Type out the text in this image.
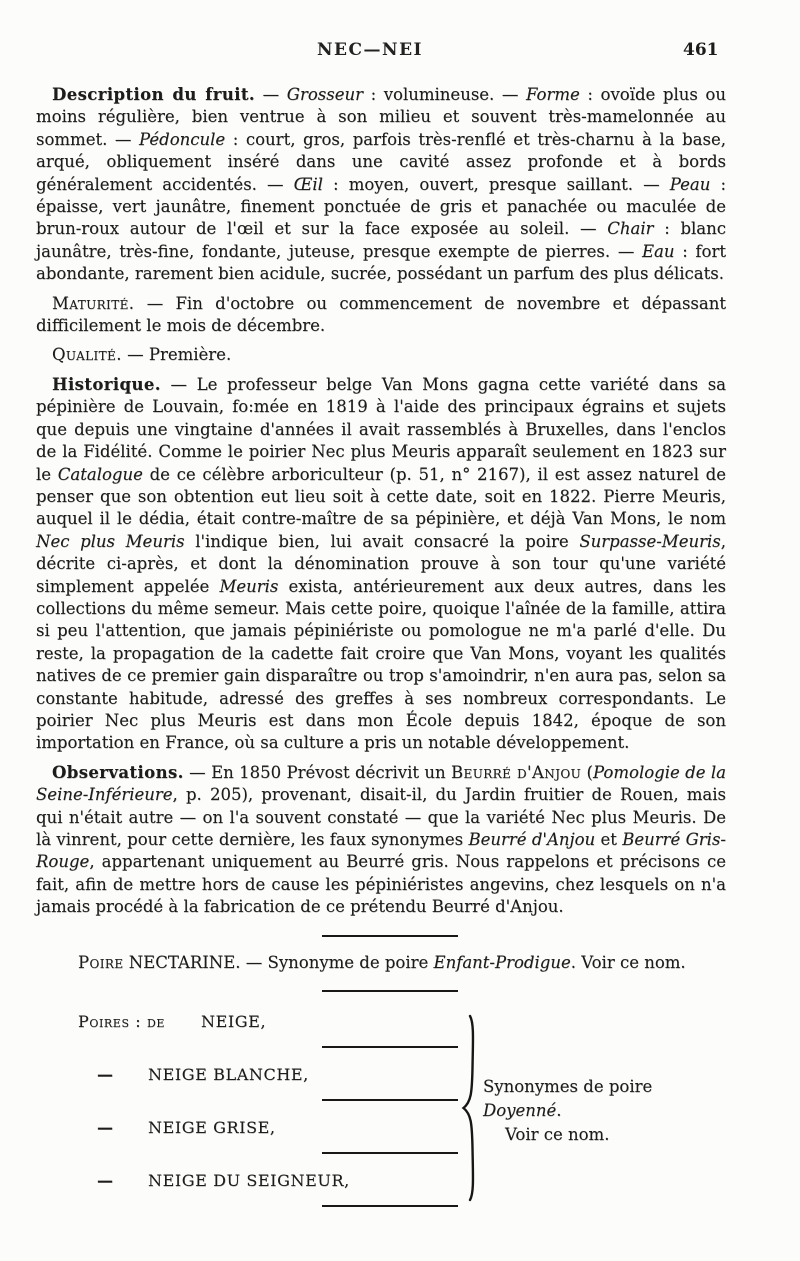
NEC—NEI	461

Description du fruit. — Grosseur : volumineuse. — Forme : ovoïde plus ou moins régulière, bien ventrue à son milieu et souvent très-mamelonnée au sommet. — Pédoncule : court, gros, parfois très-renflé et très-charnu à la base, arqué, obliquement inséré dans une cavité assez profonde et à bords généralement accidentés. — Œil : moyen, ouvert, presque saillant. — Peau : épaisse, vert jaunâtre, finement ponctuée de gris et panachée ou maculée de brun-roux autour de l'œil et sur la face exposée au soleil. — Chair : blanc jaunâtre, très-fine, fondante, juteuse, presque exempte de pierres. — Eau : fort abondante, rarement bien acidule, sucrée, possédant un parfum des plus délicats.

Maturité. — Fin d'octobre ou commencement de novembre et dépassant difficilement le mois de décembre.

Qualité. — Première.

Historique. — Le professeur belge Van Mons gagna cette variété dans sa pépinière de Louvain, fo:mée en 1819 à l'aide des principaux égrains et sujets que depuis une vingtaine d'années il avait rassemblés à Bruxelles, dans l'enclos de la Fidélité. Comme le poirier Nec plus Meuris apparaît seulement en 1823 sur le Catalogue de ce célèbre arboriculteur (p. 51, n° 2167), il est assez naturel de penser que son obtention eut lieu soit à cette date, soit en 1822. Pierre Meuris, auquel il le dédia, était contre-maître de sa pépinière, et déjà Van Mons, le nom Nec plus Meuris l'indique bien, lui avait consacré la poire Surpasse-Meuris, décrite ci-après, et dont la dénomination prouve à son tour qu'une variété simplement appelée Meuris exista, antérieurement aux deux autres, dans les collections du même semeur. Mais cette poire, quoique l'aînée de la famille, attira si peu l'attention, que jamais pépiniériste ou pomologue ne m'a parlé d'elle. Du reste, la propagation de la cadette fait croire que Van Mons, voyant les qualités natives de ce premier gain disparaître ou trop s'amoindrir, n'en aura pas, selon sa constante habitude, adressé des greffes à ses nombreux correspondants. Le poirier Nec plus Meuris est dans mon École depuis 1842, époque de son importation en France, où sa culture a pris un notable développement.

Observations. — En 1850 Prévost décrivit un Beurré d'Anjou (Pomologie de la Seine-Inférieure, p. 205), provenant, disait-il, du Jardin fruitier de Rouen, mais qui n'était autre — on l'a souvent constaté — que la variété Nec plus Meuris. De là vinrent, pour cette dernière, les faux synonymes Beurré d'Anjou et Beurré Gris-Rouge, appartenant uniquement au Beurré gris. Nous rappelons et précisons ce fait, afin de mettre hors de cause les pépiniéristes angevins, chez lesquels on n'a jamais procédé à la fabrication de ce prétendu Beurré d'Anjou.

Poire NECTARINE. — Synonyme de poire Enfant-Prodigue. Voir ce nom.

Poires : de NEIGE,
— NEIGE BLANCHE,
— NEIGE GRISE,
— NEIGE DU SEIGNEUR,
Synonymes de poire Doyenné.
Voir ce nom.
